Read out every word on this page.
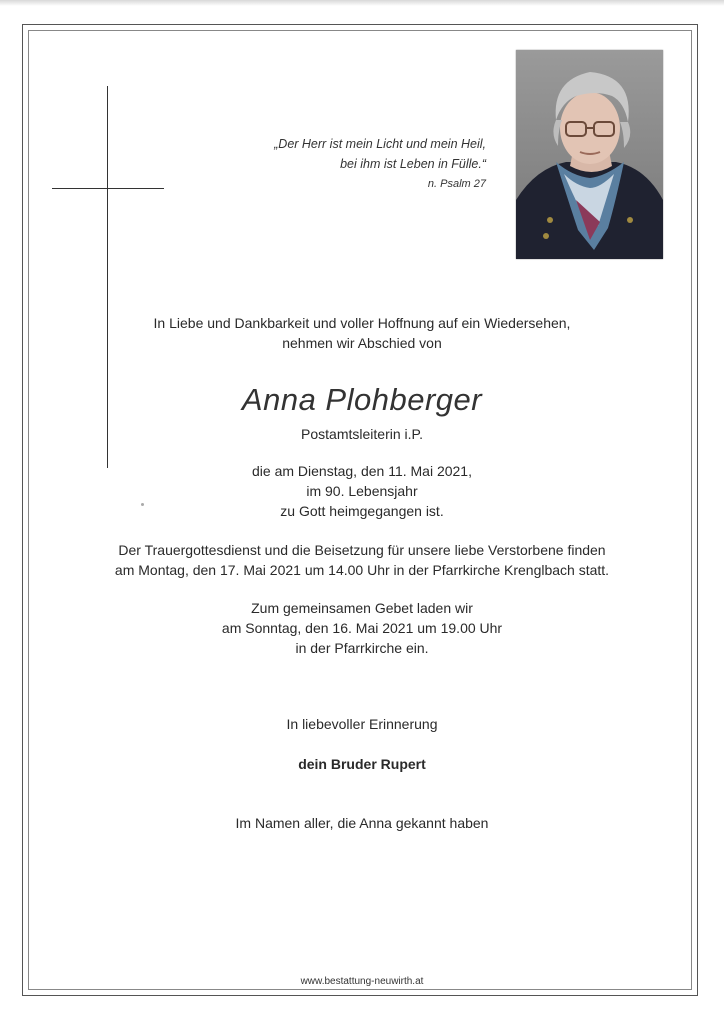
„Der Herr ist mein Licht und mein Heil,
bei ihm ist Leben in Fülle.“
n. Psalm 27
In Liebe und Dankbarkeit und voller Hoffnung auf ein Wiedersehen,
nehmen wir Abschied von
Anna Plohberger
Postamtsleiterin i.P.
die am Dienstag, den 11. Mai 2021,
im 90. Lebensjahr
zu Gott heimgegangen ist.
Der Trauergottesdienst und die Beisetzung für unsere liebe Verstorbene finden
am Montag, den 17. Mai 2021 um 14.00 Uhr in der Pfarrkirche Krenglbach statt.
Zum gemeinsamen Gebet laden wir
am Sonntag, den 16. Mai 2021 um 19.00 Uhr
in der Pfarrkirche ein.
In liebevoller Erinnerung
dein Bruder Rupert
Im Namen aller, die Anna gekannt haben
www.bestattung-neuwirth.at
